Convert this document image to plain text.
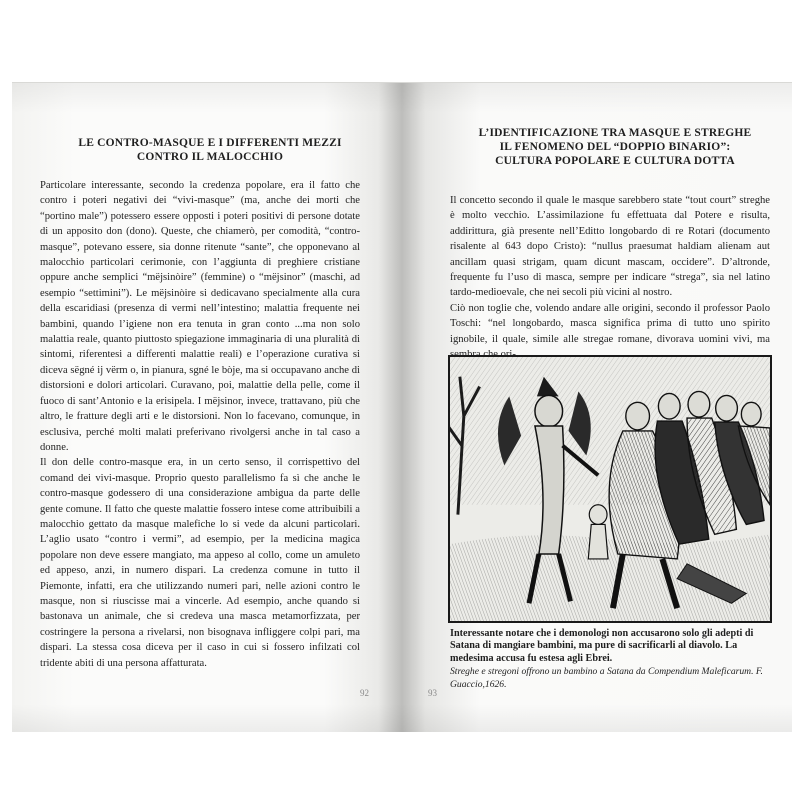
LE CONTRO-MASQUE E I DIFFERENTI MEZZI
CONTRO IL MALOCCHIO

Particolare interessante, secondo la credenza popolare, era il fatto che contro i poteri negativi dei “vivi-masque” (ma, anche dei morti che “portino male”) potessero essere opposti i poteri positivi di persone dotate di un apposito don (dono). Queste, che chiamerò, per comodità, “contro-masque”, potevano essere, sia donne ritenute “sante”, che opponevano al malocchio particolari cerimonie, con l’aggiunta di preghiere cristiane oppure anche semplici “mëjsinòire” (femmine) o “mëjsinor” (maschi, ad esempio “settimini”). Le mëjsinòire si dedicavano specialmente alla cura della escaridiasi (presenza di vermi nell’intestino; malattia frequente nei bambini, quando l’igiene non era tenuta in gran conto ...ma non solo malattia reale, quanto piuttosto spiegazione immaginaria di una pluralità di sintomi, riferentesi a differenti malattie reali) e l’operazione curativa si diceva sëgné ij vërm o, in pianura, sgné le bòje, ma si occupavano anche di distorsioni e dolori articolari. Curavano, poi, malattie della pelle, come il fuoco di sant’Antonio e la erisipela. I mëjsinor, invece, trattavano, più che altro, le fratture degli arti e le distorsioni. Non lo facevano, comunque, in esclusiva, perché molti malati preferivano rivolgersi anche in tal caso a donne.

Il don delle contro-masque era, in un certo senso, il corrispettivo del comand dei vivi-masque. Proprio questo parallelismo fa sì che anche le contro-masque godessero di una considerazione ambigua da parte delle gente comune. Il fatto che queste malattie fossero intese come attribuibili a malocchio gettato da masque malefiche lo si vede da alcuni particolari. L’aglio usato “contro i vermi”, ad esempio, per la medicina magica popolare non deve essere mangiato, ma appeso al collo, come un amuleto ed appeso, anzi, in numero dispari. La credenza comune in tutto il Piemonte, infatti, era che utilizzando numeri pari, nelle azioni contro le masque, non si riuscisse mai a vincerle. Ad esempio, anche quando si bastonava un animale, che si credeva una masca metamorfizzata, per costringere la persona a rivelarsi, non bisognava infliggere colpi pari, ma dispari. La stessa cosa diceva per il caso in cui si fossero infilzati col tridente abiti di una persona affatturata.

92
L’IDENTIFICAZIONE TRA MASQUE E STREGHE
IL FENOMENO DEL “DOPPIO BINARIO”:
CULTURA POPOLARE E CULTURA DOTTA

Il concetto secondo il quale le masque sarebbero state “tout court” streghe è molto vecchio. L’assimilazione fu effettuata dal Potere e risulta, addirittura, già presente nell’Editto longobardo di re Rotari (documento risalente al 643 dopo Cristo): “nullus praesumat haldiam alienam aut ancillam quasi strigam, quam dicunt mascam, occidere”. D’altronde, frequente fu l’uso di masca, sempre per indicare “strega”, sia nel latino tardo-medioevale, che nei secoli più vicini al nostro.

Ciò non toglie che, volendo andare alle origini, secondo il professor Paolo Toschi: “nel longobardo, masca significa prima di tutto uno spirito ignobile, il quale, simile alle stregae romane, divorava uomini vivi, ma

Interessante notare che i demonologi non accusarono solo gli adepti di Satana di mangiare bambini, ma pure di sacrificarli al diavolo. La medesima accusa fu estesa agli Ebrei.
Streghe e stregoni offrono un bambino a Satana da Compendium Maleficarum. F. Guaccio,1626.
93
